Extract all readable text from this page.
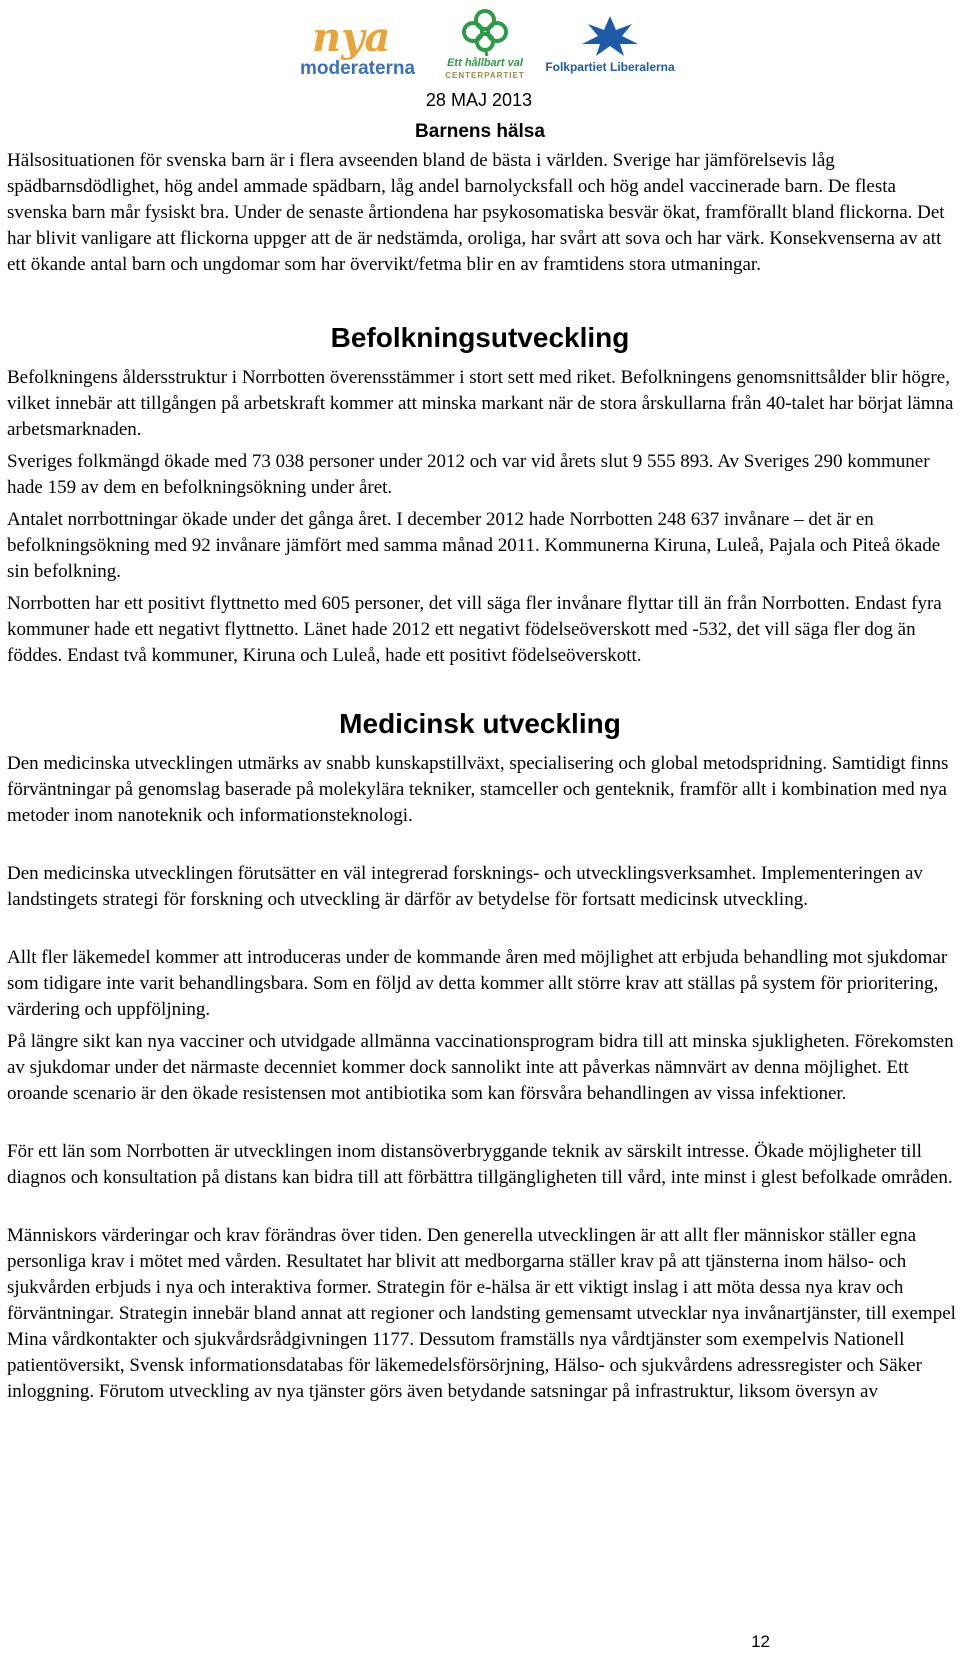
nya
moderaterna	Ett hållbart val
CENTERPARTIET
Folkpartiet Liberalerna
28 MAJ 2013
Barnens hälsa

Hälsosituationen för svenska barn är i flera avseenden bland de bästa i världen. Sverige har jämförelsevis låg spädbarnsdödlighet, hög andel ammade spädbarn, låg andel barnolycksfall och hög andel vaccinerade barn. De flesta svenska barn mår fysiskt bra. Under de senaste årtiondena har psykosomatiska besvär ökat, framförallt bland flickorna. Det har blivit vanligare att flickorna uppger att de är nedstämda, oroliga, har svårt att sova och har värk. Konsekvenserna av att ett ökande antal barn och ungdomar som har övervikt/fetma blir en av framtidens stora utmaningar.

Befolkningsutveckling

Befolkningens åldersstruktur i Norrbotten överensstämmer i stort sett med riket. Befolkningens genomsnittsålder blir högre, vilket innebär att tillgången på arbetskraft kommer att minska markant när de stora årskullarna från 40-talet har börjat lämna arbetsmarknaden.

Sveriges folkmängd ökade med 73 038 personer under 2012 och var vid årets slut 9 555 893. Av Sveriges 290 kommuner hade 159 av dem en befolkningsökning under året.

Antalet norrbottningar ökade under det gånga året. I december 2012 hade Norrbotten 248 637 invånare – det är en befolkningsökning med 92 invånare jämfört med samma månad 2011. Kommunerna Kiruna, Luleå, Pajala och Piteå ökade sin befolkning.

Norrbotten har ett positivt flyttnetto med 605 personer, det vill säga fler invånare flyttar till än från Norrbotten. Endast fyra kommuner hade ett negativt flyttnetto. Länet hade 2012 ett negativt födelseöverskott med -532, det vill säga fler dog än föddes. Endast två kommuner, Kiruna och Luleå, hade ett positivt födelseöverskott.

Medicinsk utveckling

Den medicinska utvecklingen utmärks av snabb kunskapstillväxt, specialisering och global metodspridning. Samtidigt finns förväntningar på genomslag baserade på molekylära tekniker, stamceller och genteknik, framför allt i kombination med nya metoder inom nanoteknik och informationsteknologi.

Den medicinska utvecklingen förutsätter en väl integrerad forsknings- och utvecklingsverksamhet. Implementeringen av landstingets strategi för forskning och utveckling är därför av betydelse för fortsatt medicinsk utveckling.

Allt fler läkemedel kommer att introduceras under de kommande åren med möjlighet att erbjuda behandling mot sjukdomar som tidigare inte varit behandlingsbara. Som en följd av detta kommer allt större krav att ställas på system för prioritering, värdering och uppföljning.

På längre sikt kan nya vacciner och utvidgade allmänna vaccinationsprogram bidra till att minska sjukligheten. Förekomsten av sjukdomar under det närmaste decenniet kommer dock sannolikt inte att påverkas nämnvärt av denna möjlighet. Ett oroande scenario är den ökade resistensen mot antibiotika som kan försvåra behandlingen av vissa infektioner.

För ett län som Norrbotten är utvecklingen inom distansöverbryggande teknik av särskilt intresse. Ökade möjligheter till diagnos och konsultation på distans kan bidra till att förbättra tillgängligheten till vård, inte minst i glest befolkade områden.

Människors värderingar och krav förändras över tiden. Den generella utvecklingen är att allt fler människor ställer egna personliga krav i mötet med vården. Resultatet har blivit att medborgarna ställer krav på att tjänsterna inom hälso- och sjukvården erbjuds i nya och interaktiva former. Strategin för e-hälsa är ett viktigt inslag i att möta dessa nya krav och förväntningar. Strategin innebär bland annat att regioner och landsting gemensamt utvecklar nya invånartjänster, till exempel Mina vårdkontakter och sjukvårdsrådgivningen 1177. Dessutom framställs nya vårdtjänster som exempelvis Nationell patientöversikt, Svensk informationsdatabas för läkemedelsförsörjning, Hälso- och sjukvårdens adressregister och Säker inloggning. Förutom utveckling av nya tjänster görs även betydande satsningar på infrastruktur, liksom översyn av

12
